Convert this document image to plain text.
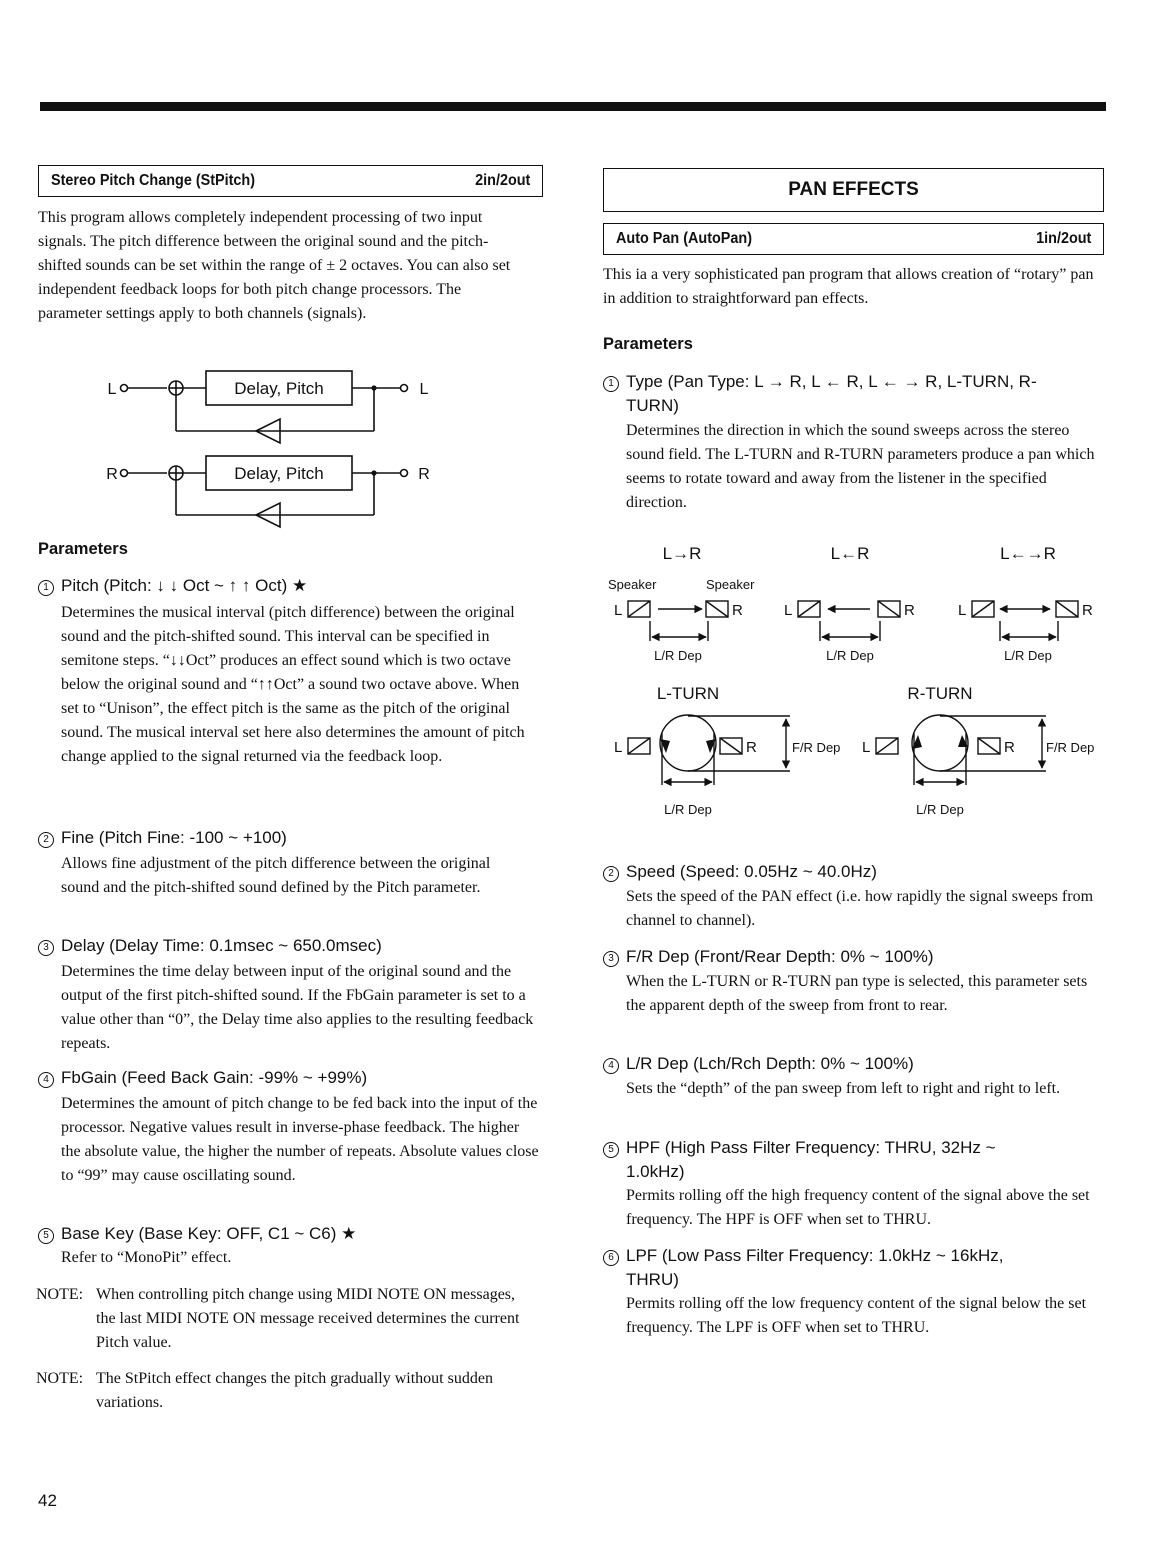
Stereo Pitch Change (StPitch)	2in/2out

This program allows completely independent processing of two input signals. The pitch difference between the original sound and the pitch-shifted sounds can be set within the range of ± 2 octaves. You can also set independent feedback loops for both pitch change processors. The parameter settings apply to both channels (signals).

L	L
R	R
Delay, Pitch
Delay, Pitch
Parameters
1 Pitch (Pitch: ↓ ↓ Oct ~ ↑ ↑ Oct) ★

Determines the musical interval (pitch difference) between the original sound and the pitch-shifted sound. This interval can be specified in semitone steps. “↓↓Oct” produces an effect sound which is two octave below the original sound and “↑↑Oct” a sound two octave above. When set to “Unison”, the effect pitch is the same as the pitch of the original sound. The musical interval set here also determines the amount of pitch change applied to the signal returned via the feedback loop.

2 Fine (Pitch Fine: -100 ~ +100)

Allows fine adjustment of the pitch difference between the original sound and the pitch-shifted sound defined by the Pitch parameter.

3 Delay (Delay Time: 0.1msec ~ 650.0msec)

Determines the time delay between input of the original sound and the output of the first pitch-shifted sound. If the FbGain parameter is set to a value other than “0”, the Delay time also applies to the resulting feedback repeats.

4 FbGain (Feed Back Gain: -99% ~ +99%)

Determines the amount of pitch change to be fed back into the input of the processor. Negative values result in inverse-phase feedback. The higher the absolute value, the higher the number of repeats. Absolute values close to “99” may cause oscillating sound.

5 Base Key (Base Key: OFF, C1 ~ C6) ★

Refer to “MonoPit” effect.

NOTE: When controlling pitch change using MIDI NOTE ON messages, the last MIDI NOTE ON message received determines the current Pitch value.
NOTE: The StPitch effect changes the pitch gradually without sudden variations.
PAN EFFECTS
Auto Pan (AutoPan)	1in/2out

This ia a very sophisticated pan program that allows creation of “rotary” pan in addition to straightforward pan effects.

Parameters
1 Type (Pan Type: L → R, L ← R, L ← → R, L-TURN, R-
TURN)

Determines the direction in which the sound sweeps across the stereo sound field. The L-TURN and R-TURN parameters produce a pan which seems to rotate toward and away from the listener in the specified direction.

L→R	L←R	L←→R
Speaker	Speaker
L	R	L	R	L	R
L/R Dep	L/R Dep	L/R Dep
L-TURN	R-TURN
L	R	L	R
F/R Dep	F/R Dep
L/R Dep	L/R Dep
2 Speed (Speed: 0.05Hz ~ 40.0Hz)

Sets the speed of the PAN effect (i.e. how rapidly the signal sweeps from channel to channel).

3 F/R Dep (Front/Rear Depth: 0% ~ 100%)

When the L-TURN or R-TURN pan type is selected, this parameter sets the apparent depth of the sweep from front to rear.

4 L/R Dep (Lch/Rch Depth: 0% ~ 100%)

Sets the “depth” of the pan sweep from left to right and right to left.

5 HPF (High Pass Filter Frequency: THRU, 32Hz ~
1.0kHz)

Permits rolling off the high frequency content of the signal above the set frequency. The HPF is OFF when set to THRU.

6 LPF (Low Pass Filter Frequency: 1.0kHz ~ 16kHz,
THRU)

Permits rolling off the low frequency content of the signal below the set frequency. The LPF is OFF when set to THRU.

42
